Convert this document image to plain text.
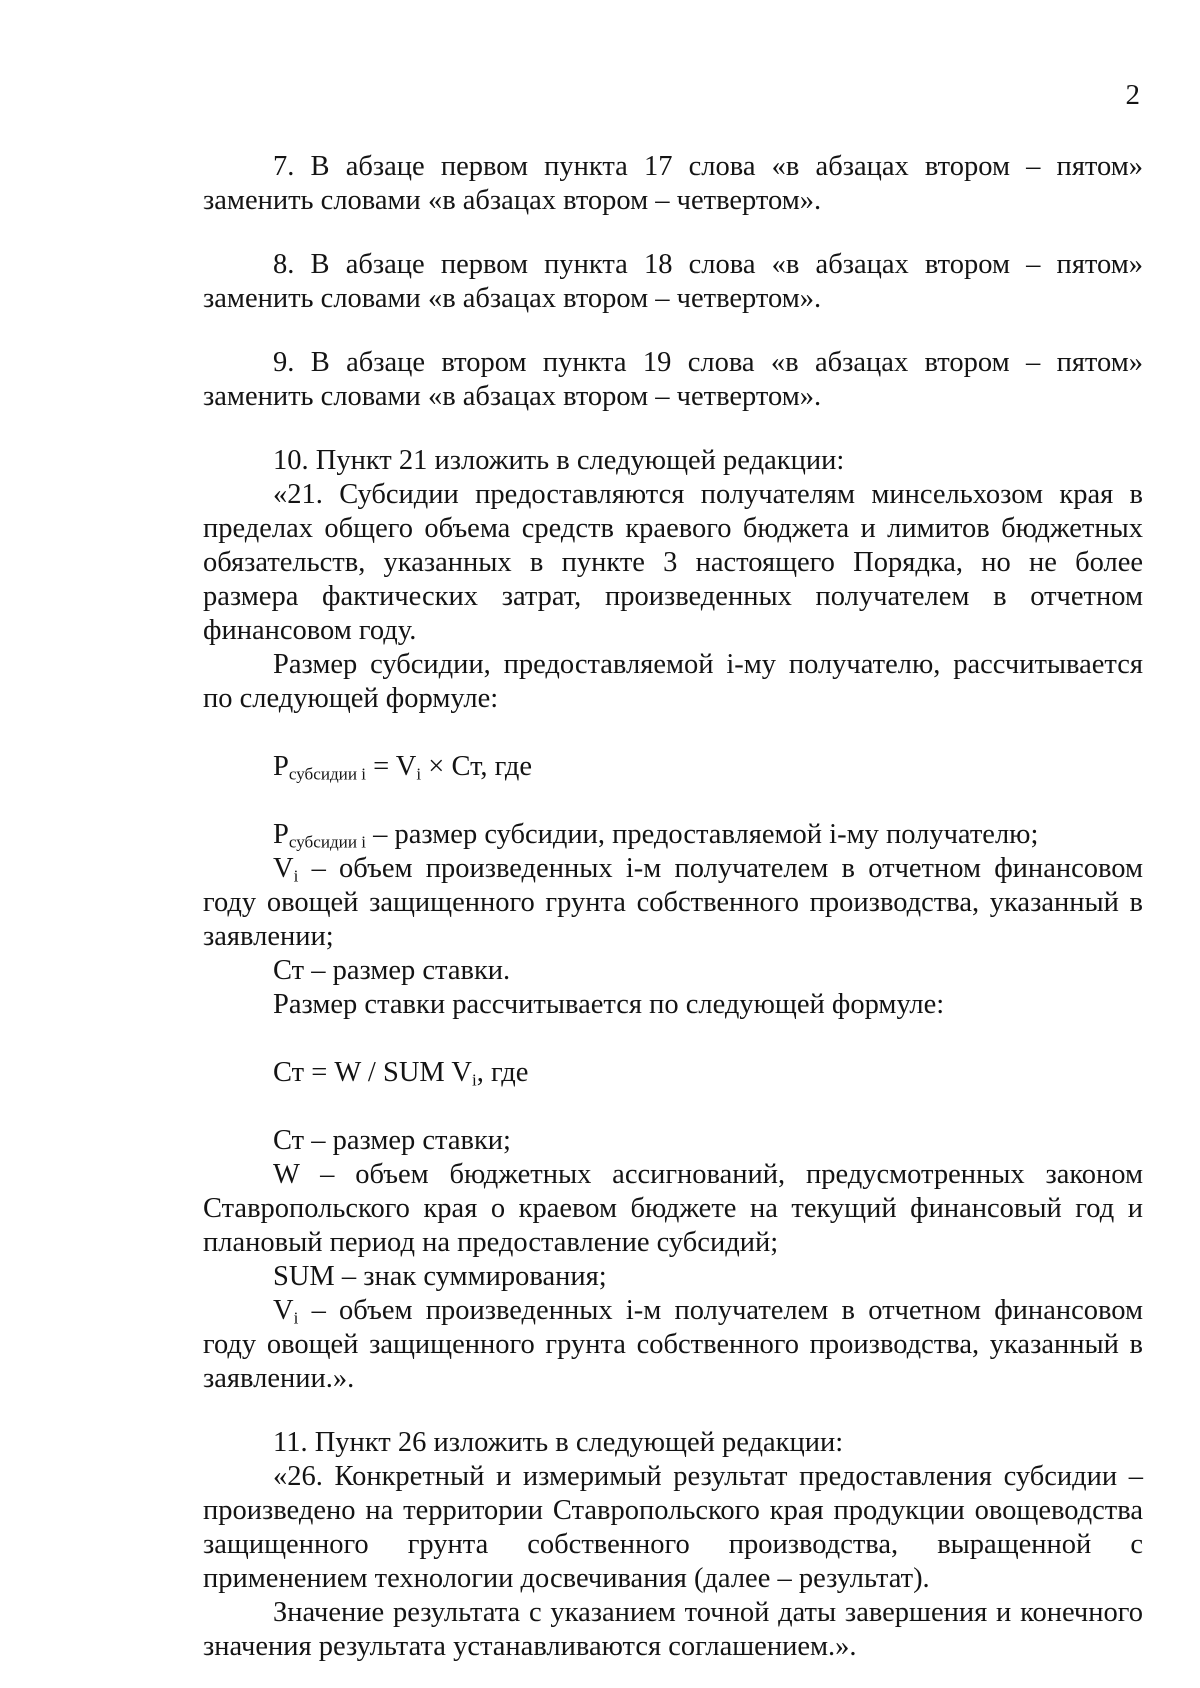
2

7. В абзаце первом пункта 17 слова «в абзацах втором – пятом» заменить словами «в абзацах втором – четвертом».

8. В абзаце первом пункта 18 слова «в абзацах втором – пятом» заменить словами «в абзацах втором – четвертом».

9. В абзаце втором пункта 19 слова «в абзацах втором – пятом» заменить словами «в абзацах втором – четвертом».

10. Пункт 21 изложить в следующей редакции:

«21. Субсидии предоставляются получателям минсельхозом края в пределах общего объема средств краевого бюджета и лимитов бюджетных обязательств, указанных в пункте 3 настоящего Порядка, но не более размера фактических затрат, произведенных получателем в отчетном финансовом году.

Размер субсидии, предоставляемой i-му получателю, рассчитывается по следующей формуле:

$P_{субсидии i} = V_i$ × Ст, где

$P_{субсидии i}$ – размер субсидии, предоставляемой i-му получателю;

$V_i$ – объем произведенных i-м получателем в отчетном финансовом году овощей защищенного грунта собственного производства, указанный в заявлении;

Ст – размер ставки.

Размер ставки рассчитывается по следующей формуле:

Ст = W / SUM $V_i$, где

Ст – размер ставки;

W – объем бюджетных ассигнований, предусмотренных законом Ставропольского края о краевом бюджете на текущий финансовый год и плановый период на предоставление субсидий;

SUM – знак суммирования;

$V_i$ – объем произведенных i-м получателем в отчетном финансовом году овощей защищенного грунта собственного производства, указанный в заявлении.».

11. Пункт 26 изложить в следующей редакции:

«26. Конкретный и измеримый результат предоставления субсидии – произведено на территории Ставропольского края продукции овощеводства защищенного грунта собственного производства, выращенной с применением технологии досвечивания (далее – результат).

Значение результата с указанием точной даты завершения и конечного значения результата устанавливаются соглашением.».
